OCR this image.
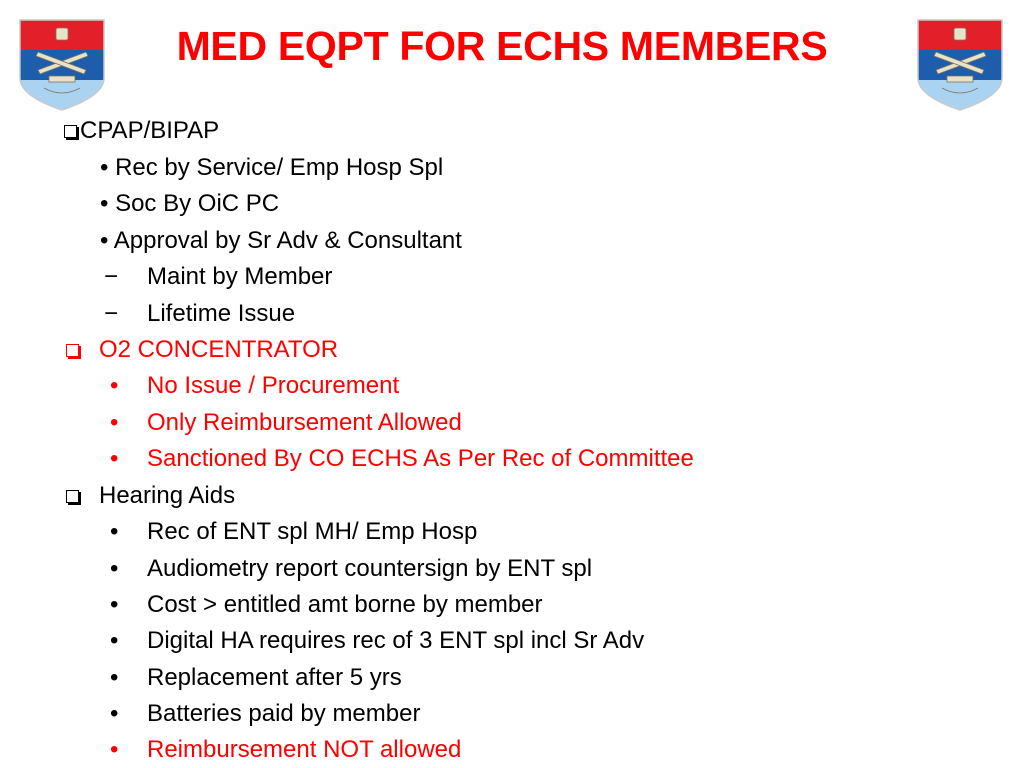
MED EQPT FOR ECHS MEMBERS
CPAP/BIPAP
• Rec by Service/ Emp Hosp Spl
• Soc By OiC PC
• Approval by Sr Adv & Consultant
− Maint by Member
− Lifetime Issue
O2 CONCENTRATOR
• No Issue / Procurement
• Only Reimbursement Allowed
• Sanctioned By CO ECHS As Per Rec of Committee
Hearing Aids
• Rec of ENT spl MH/ Emp Hosp
• Audiometry report countersign by ENT spl
• Cost > entitled amt borne by member
• Digital HA requires rec of 3 ENT spl incl Sr Adv
• Replacement after 5 yrs
• Batteries paid by member
• Reimbursement NOT allowed
